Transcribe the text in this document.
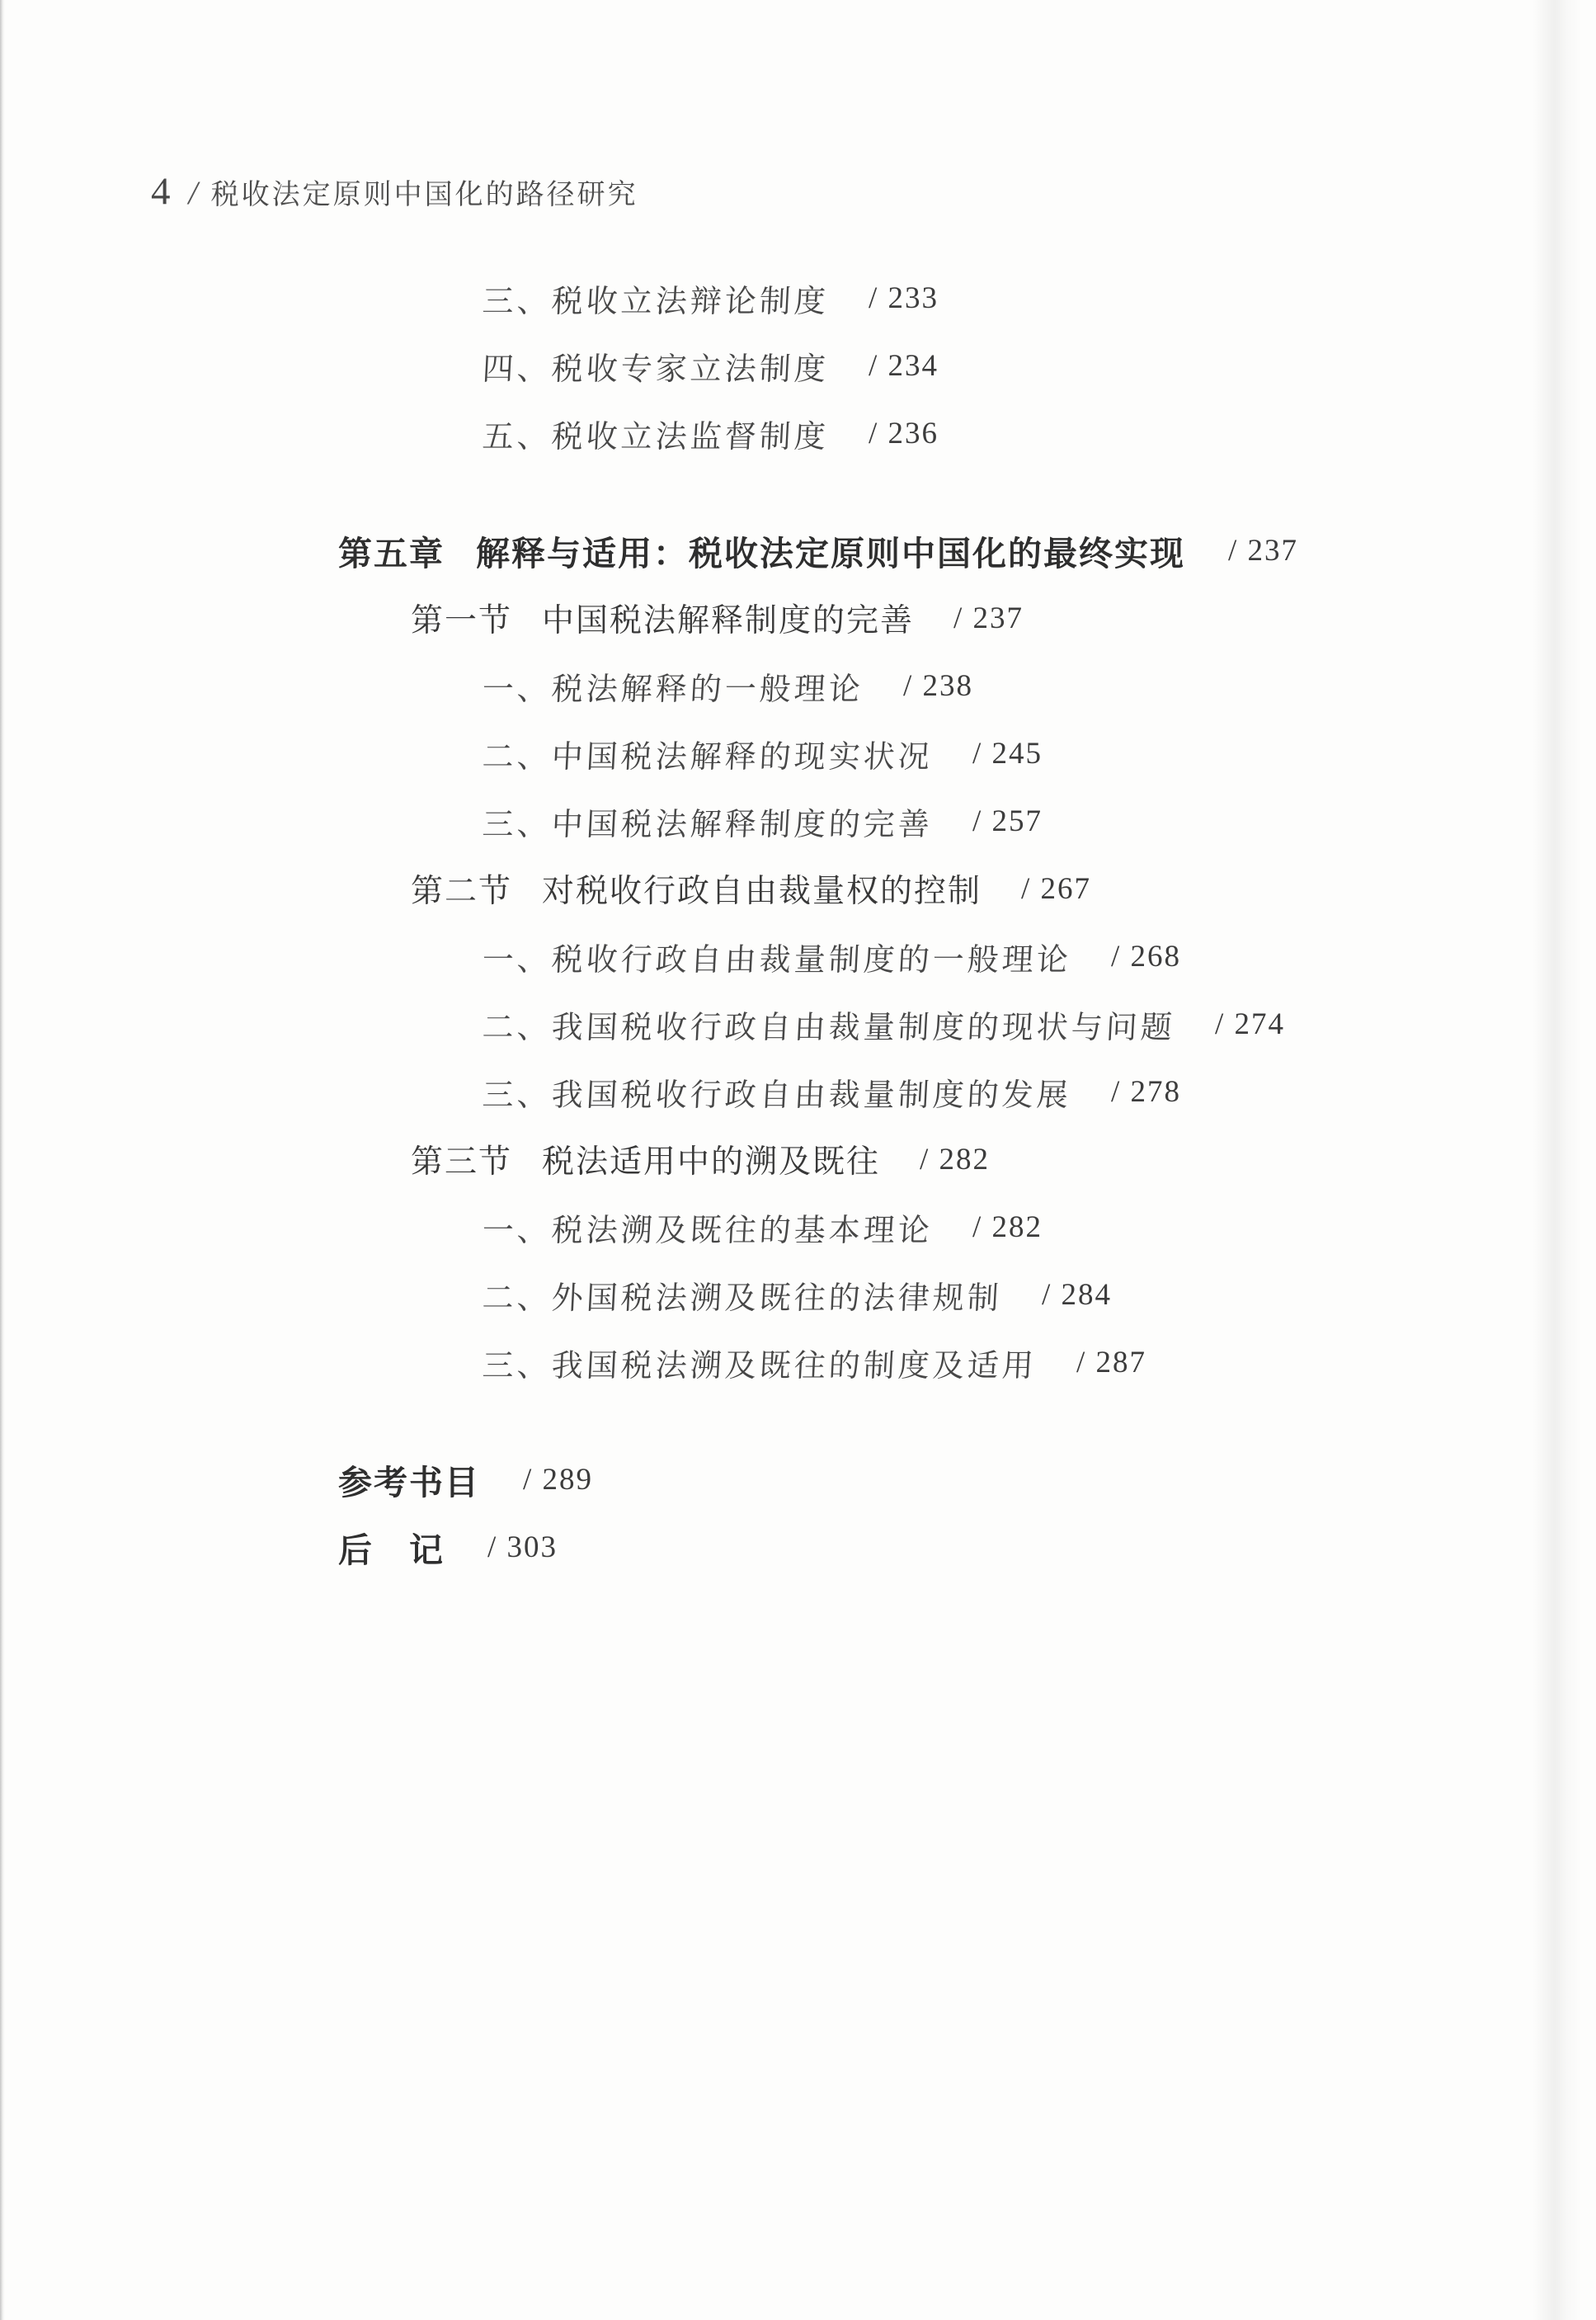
4 / 税收法定原则中国化的路径研究
三、税收立法辩论制度 / 233
四、税收专家立法制度 / 234
五、税收立法监督制度 / 236
第五章 解释与适用：税收法定原则中国化的最终实现 / 237
第一节 中国税法解释制度的完善 / 237
一、税法解释的一般理论 / 238
二、中国税法解释的现实状况 / 245
三、中国税法解释制度的完善 / 257
第二节 对税收行政自由裁量权的控制 / 267
一、税收行政自由裁量制度的一般理论 / 268
二、我国税收行政自由裁量制度的现状与问题 / 274
三、我国税收行政自由裁量制度的发展 / 278
第三节 税法适用中的溯及既往 / 282
一、税法溯及既往的基本理论 / 282
二、外国税法溯及既往的法律规制 / 284
三、我国税法溯及既往的制度及适用 / 287
参考书目 / 289
后　记 / 303
